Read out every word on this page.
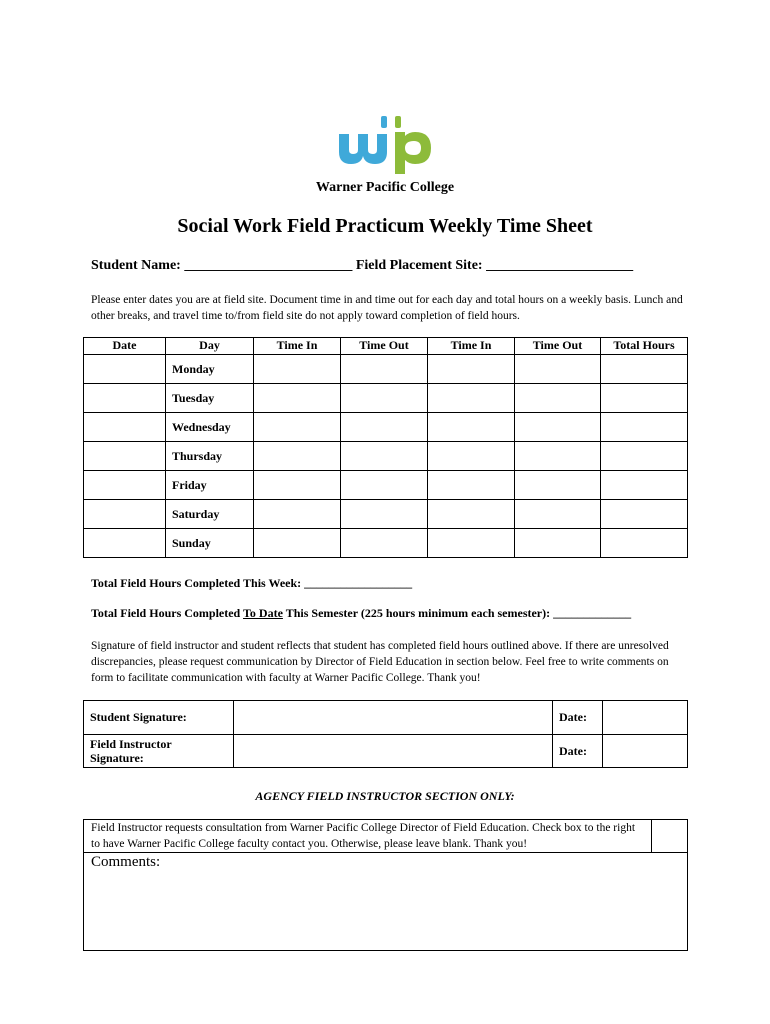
Warner Pacific College
Social Work Field Practicum Weekly Time Sheet
Student Name: ________________________ Field Placement Site: _____________________
Please enter dates you are at field site. Document time in and time out for each day and total hours on a weekly basis. Lunch and other breaks, and travel time to/from field site do not apply toward completion of field hours.
Date	Day	Time In	Time Out	Time In	Time Out	Total Hours
	Monday					
	Tuesday					
	Wednesday					
	Thursday					
	Friday					
	Saturday					
	Sunday					
Total Field Hours Completed This Week: __________________
Total Field Hours Completed To Date This Semester (225 hours minimum each semester): _____________
Signature of field instructor and student reflects that student has completed field hours outlined above. If there are unresolved discrepancies, please request communication by Director of Field Education in section below. Feel free to write comments on form to facilitate communication with faculty at Warner Pacific College. Thank you!
Student Signature:		Date:	
Field Instructor
Signature:		Date:	
AGENCY FIELD INSTRUCTOR SECTION ONLY:
Field Instructor requests consultation from Warner Pacific College Director of Field Education. Check box to the right to have Warner Pacific College faculty contact you. Otherwise, please leave blank. Thank you!
Comments:
